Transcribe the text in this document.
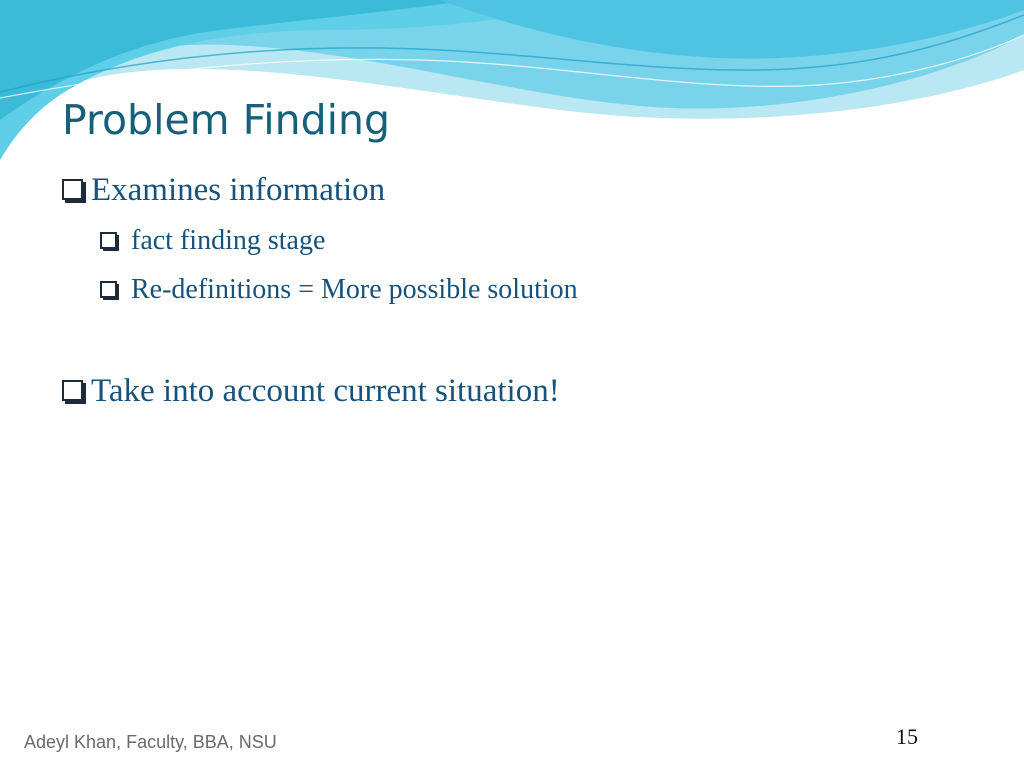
Problem Finding
Examines information
fact finding stage
Re-definitions = More possible solution
Take into account current situation!
Adeyl Khan, Faculty, BBA, NSU	15
